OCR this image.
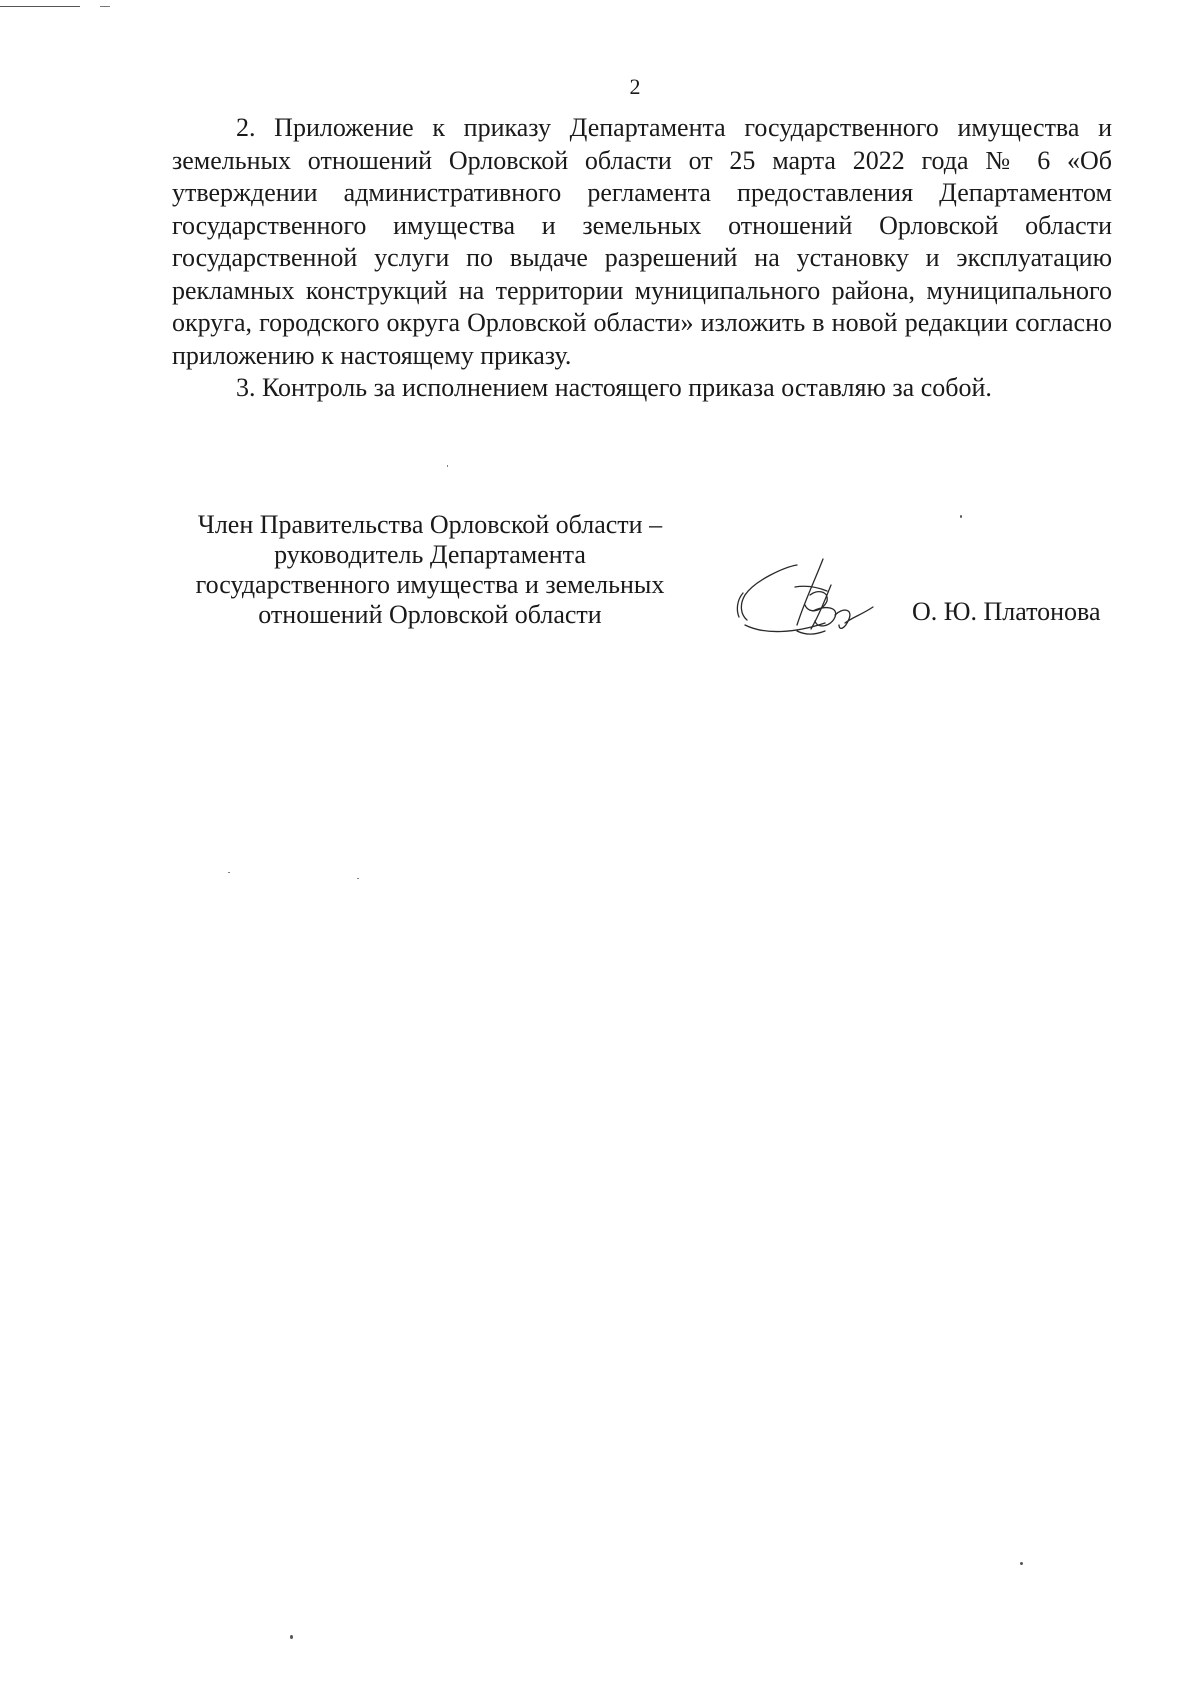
2

2. Приложение к приказу Департамента государственного имущества и земельных отношений Орловской области от 25 марта 2022 года № 6 «Об утверждении административного регламента предоставления Департаментом государственного имущества и земельных отношений Орловской области государственной услуги по выдаче разрешений на установку и эксплуатацию рекламных конструкций на территории муниципального района, муниципального округа, городского округа Орловской области» изложить в новой редакции согласно приложению к настоящему приказу.

3. Контроль за исполнением настоящего приказа оставляю за собой.

Член Правительства Орловской области –
руководитель Департамента
государственного имущества и земельных
отношений Орловской области	О. Ю. Платонова
